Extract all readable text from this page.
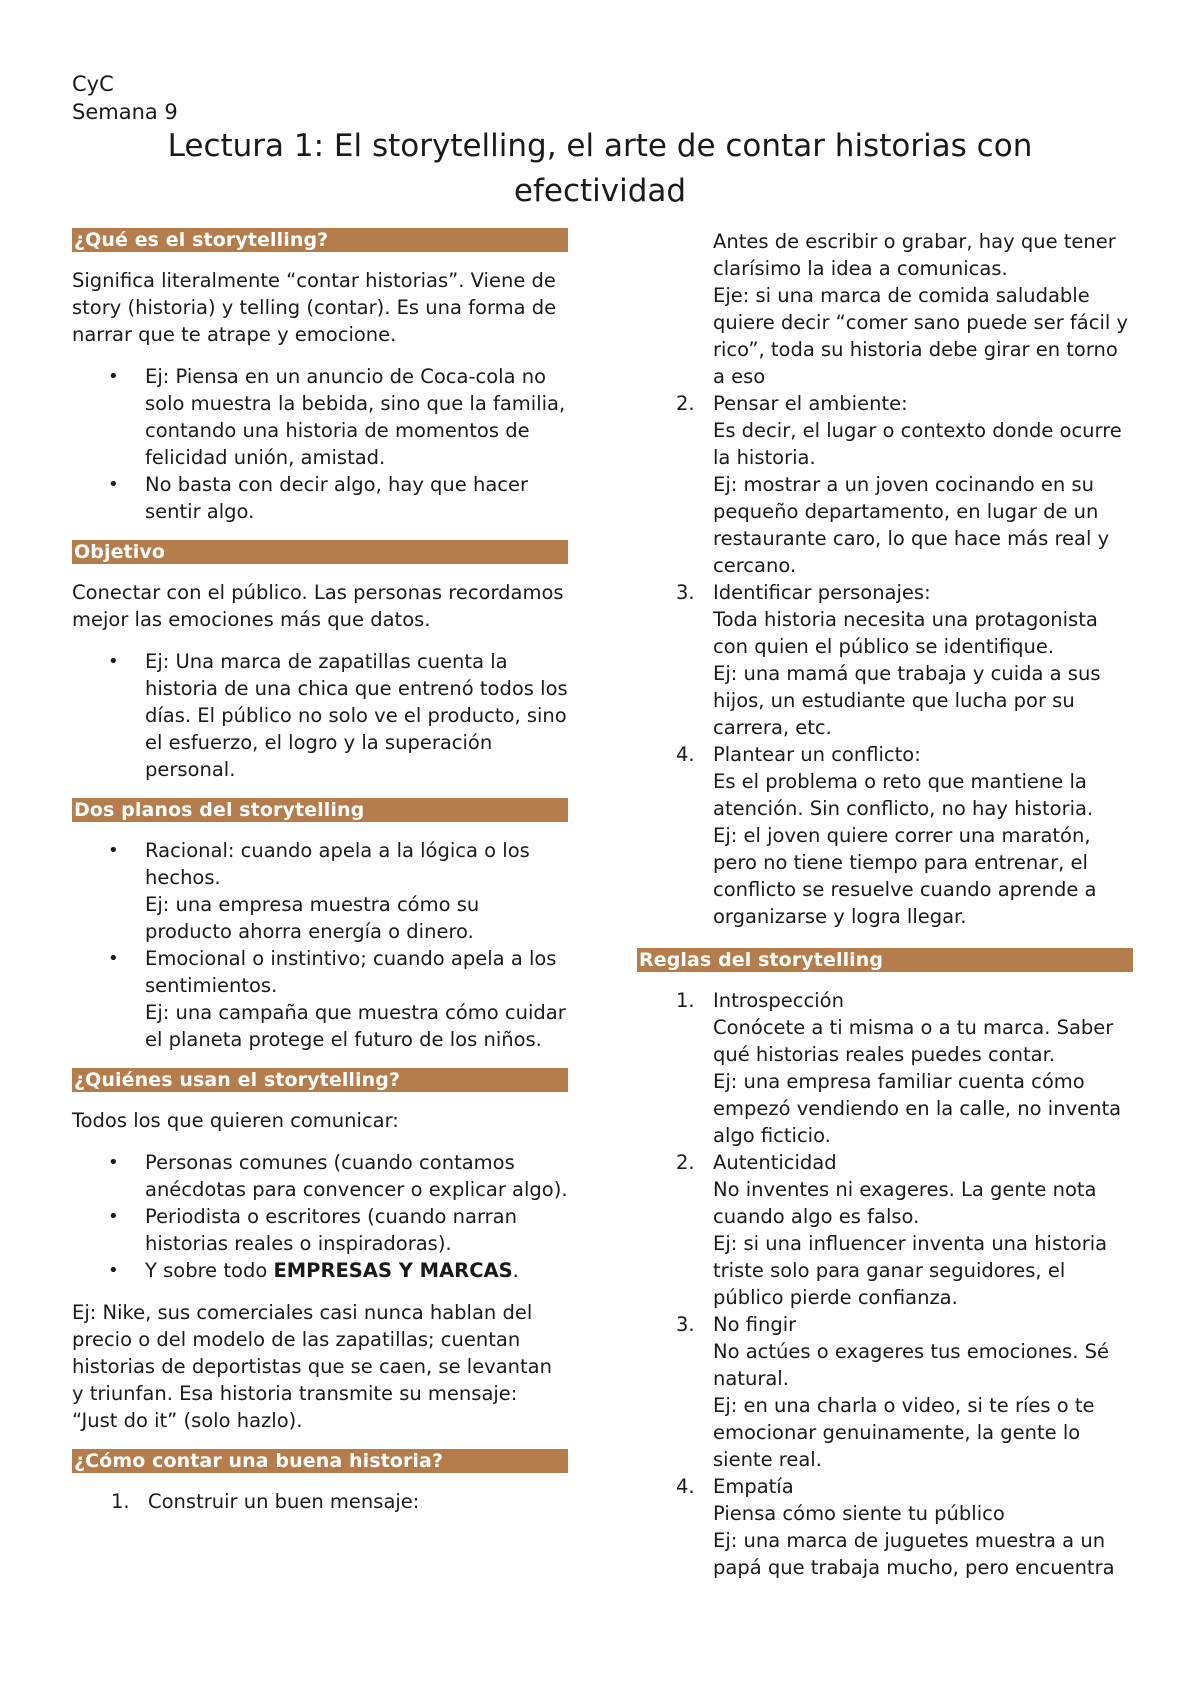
CyC
Semana 9
Lectura 1: El storytelling, el arte de contar historias con efectividad
¿Qué es el storytelling?

Significa literalmente “contar historias”. Viene de story (historia) y telling (contar). Es una forma de narrar que te atrape y emocione.

• Ej: Piensa en un anuncio de Coca-cola no solo muestra la bebida, sino que la familia, contando una historia de momentos de felicidad unión, amistad.
• No basta con decir algo, hay que hacer sentir algo.
Objetivo

Conectar con el público. Las personas recordamos mejor las emociones más que datos.

• Ej: Una marca de zapatillas cuenta la historia de una chica que entrenó todos los días. El público no solo ve el producto, sino el esfuerzo, el logro y la superación personal.
Dos planos del storytelling
• Racional: cuando apela a la lógica o los hechos.
Ej: una empresa muestra cómo su producto ahorra energía o dinero.
• Emocional o instintivo; cuando apela a los sentimientos.
Ej: una campaña que muestra cómo cuidar el planeta protege el futuro de los niños.
¿Quiénes usan el storytelling?

Todos los que quieren comunicar:

• Personas comunes (cuando contamos anécdotas para convencer o explicar algo).
• Periodista o escritores (cuando narran historias reales o inspiradoras).
• Y sobre todo EMPRESAS Y MARCAS.

Ej: Nike, sus comerciales casi nunca hablan del precio o del modelo de las zapatillas; cuentan historias de deportistas que se caen, se levantan y triunfan. Esa historia transmite su mensaje: “Just do it” (solo hazlo).

¿Cómo contar una buena historia?
1. Construir un buen mensaje:
Antes de escribir o grabar, hay que tener clarísimo la idea a comunicas.
Eje: si una marca de comida saludable quiere decir “comer sano puede ser fácil y rico”, toda su historia debe girar en torno a eso
2. Pensar el ambiente:
Es decir, el lugar o contexto donde ocurre la historia.
Ej: mostrar a un joven cocinando en su pequeño departamento, en lugar de un restaurante caro, lo que hace más real y cercano.
3. Identificar personajes:
Toda historia necesita una protagonista con quien el público se identifique.
Ej: una mamá que trabaja y cuida a sus hijos, un estudiante que lucha por su carrera, etc.
4. Plantear un conflicto:
Es el problema o reto que mantiene la atención. Sin conflicto, no hay historia.
Ej: el joven quiere correr una maratón, pero no tiene tiempo para entrenar, el conflicto se resuelve cuando aprende a organizarse y logra llegar.
Reglas del storytelling
1. Introspección
Conócete a ti misma o a tu marca. Saber qué historias reales puedes contar.
Ej: una empresa familiar cuenta cómo empezó vendiendo en la calle, no inventa algo ficticio.
2. Autenticidad
No inventes ni exageres. La gente nota cuando algo es falso.
Ej: si una influencer inventa una historia triste solo para ganar seguidores, el público pierde confianza.
3. No fingir
No actúes o exageres tus emociones. Sé natural.
Ej: en una charla o video, si te ríes o te emocionar genuinamente, la gente lo siente real.
4. Empatía
Piensa cómo siente tu público
Ej: una marca de juguetes muestra a un papá que trabaja mucho, pero encuentra
